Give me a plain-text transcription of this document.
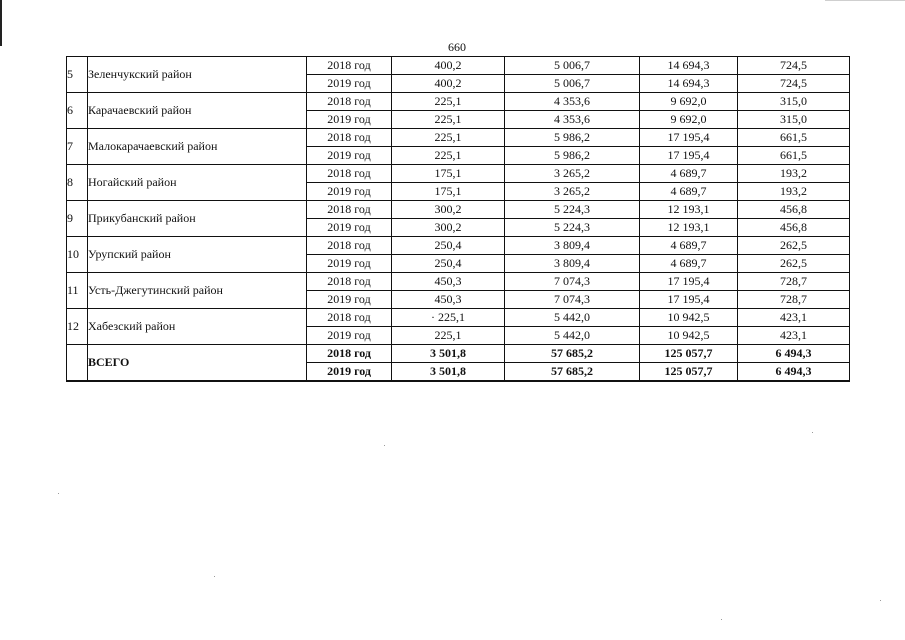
660
5	Зеленчукский район	2018 год	400,2	5 006,7	14 694,3	724,5
		2019 год	400,2	5 006,7	14 694,3	724,5
6	Карачаевский район	2018 год	225,1	4 353,6	9 692,0	315,0
		2019 год	225,1	4 353,6	9 692,0	315,0
7	Малокарачаевский район	2018 год	225,1	5 986,2	17 195,4	661,5
		2019 год	225,1	5 986,2	17 195,4	661,5
8	Ногайский район	2018 год	175,1	3 265,2	4 689,7	193,2
		2019 год	175,1	3 265,2	4 689,7	193,2
9	Прикубанский район	2018 год	300,2	5 224,3	12 193,1	456,8
		2019 год	300,2	5 224,3	12 193,1	456,8
10	Урупский район	2018 год	250,4	3 809,4	4 689,7	262,5
		2019 год	250,4	3 809,4	4 689,7	262,5
11	Усть-Джегутинский район	2018 год	450,3	7 074,3	17 195,4	728,7
		2019 год	450,3	7 074,3	17 195,4	728,7
12	Хабезский район	2018 год	· 225,1	5 442,0	10 942,5	423,1
		2019 год	225,1	5 442,0	10 942,5	423,1
	ВСЕГО	2018 год	3 501,8	57 685,2	125 057,7	6 494,3
		2019 год	3 501,8	57 685,2	125 057,7	6 494,3
